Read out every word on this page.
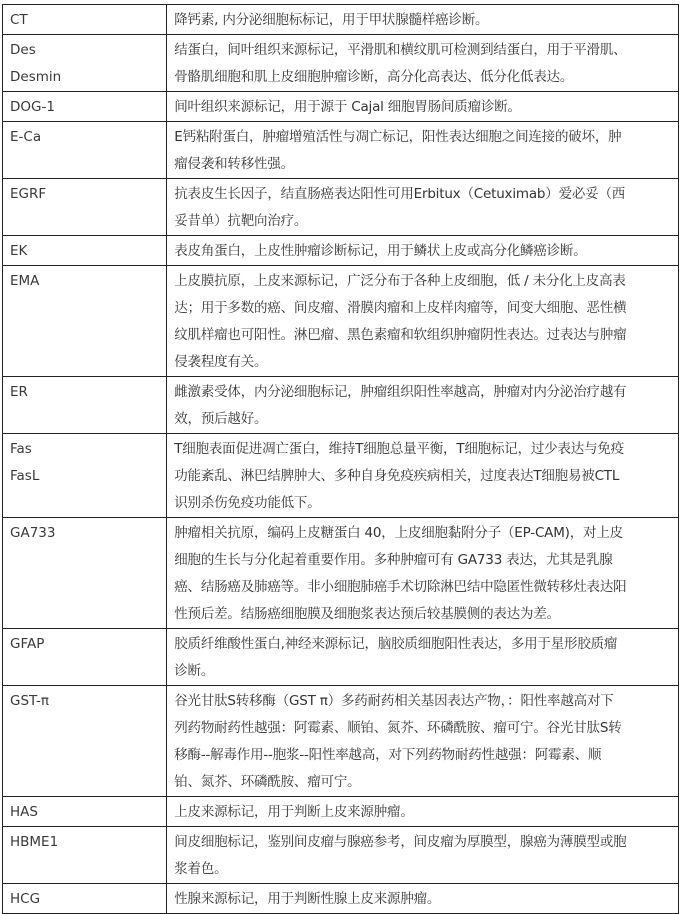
CT	降钙素, 内分泌细胞标标记，用于甲状腺髓样癌诊断。

Des
Desmin	结蛋白，间叶组织来源标记，平滑肌和横纹肌可检测到结蛋白，用于平滑肌、
骨骼肌细胞和肌上皮细胞肿瘤诊断，高分化高表达、低分化低表达。

DOG-1	间叶组织来源标记，用于源于 Cajal 细胞胃肠间质瘤诊断。

E-Ca	E钙粘附蛋白，肿瘤增殖活性与凋亡标记，阳性表达细胞之间连接的破坏，肿
瘤侵袭和转移性强。

EGRF	抗表皮生长因子，结直肠癌表达阳性可用Erbitux（Cetuximab）爱必妥（西
妥昔单）抗靶向治疗。

EK	表皮角蛋白，上皮性肿瘤诊断标记，用于鳞状上皮或高分化鳞癌诊断。

EMA	上皮膜抗原，上皮来源标记，广泛分布于各种上皮细胞，低 / 未分化上皮高表
达；用于多数的癌、间皮瘤、滑膜肉瘤和上皮样肉瘤等，间变大细胞、恶性横
纹肌样瘤也可阳性。淋巴瘤、黑色素瘤和软组织肿瘤阴性表达。过表达与肿瘤
侵袭程度有关。

ER	雌激素受体，内分泌细胞标记，肿瘤组织阳性率越高，肿瘤对内分泌治疗越有
效，预后越好。

Fas
FasL	T细胞表面促进凋亡蛋白，维持T细胞总量平衡，T细胞标记，过少表达与免疫
功能紊乱、淋巴结脾肿大、多种自身免疫疾病相关，过度表达T细胞易被CTL
识别杀伤免疫功能低下。

GA733	肿瘤相关抗原，编码上皮糖蛋白 40，上皮细胞黏附分子（EP-CAM)，对上皮
细胞的生长与分化起着重要作用。多种肿瘤可有 GA733 表达，尤其是乳腺
癌、结肠癌及肺癌等。非小细胞肺癌手术切除淋巴结中隐匿性微转移灶表达阳
性预后差。结肠癌细胞膜及细胞浆表达预后较基膜侧的表达为差。

GFAP	胶质纤维酸性蛋白,神经来源标记，脑胶质细胞阳性表达，多用于星形胶质瘤
诊断。

GST-π	谷光甘肽S转移酶（GST π）多药耐药相关基因表达产物，：阳性率越高对下
列药物耐药性越强：阿霉素、顺铂、氮芥、环磷酰胺、瘤可宁。谷光甘肽S转
移酶--解毒作用--胞浆--阳性率越高，对下列药物耐药性越强：阿霉素、顺
铂、氮芥、环磷酰胺、瘤可宁。

HAS	上皮来源标记，用于判断上皮来源肿瘤。

HBME1	间皮细胞标记，鉴别间皮瘤与腺癌参考，间皮瘤为厚膜型，腺癌为薄膜型或胞
浆着色。

HCG	性腺来源标记，用于判断性腺上皮来源肿瘤。
